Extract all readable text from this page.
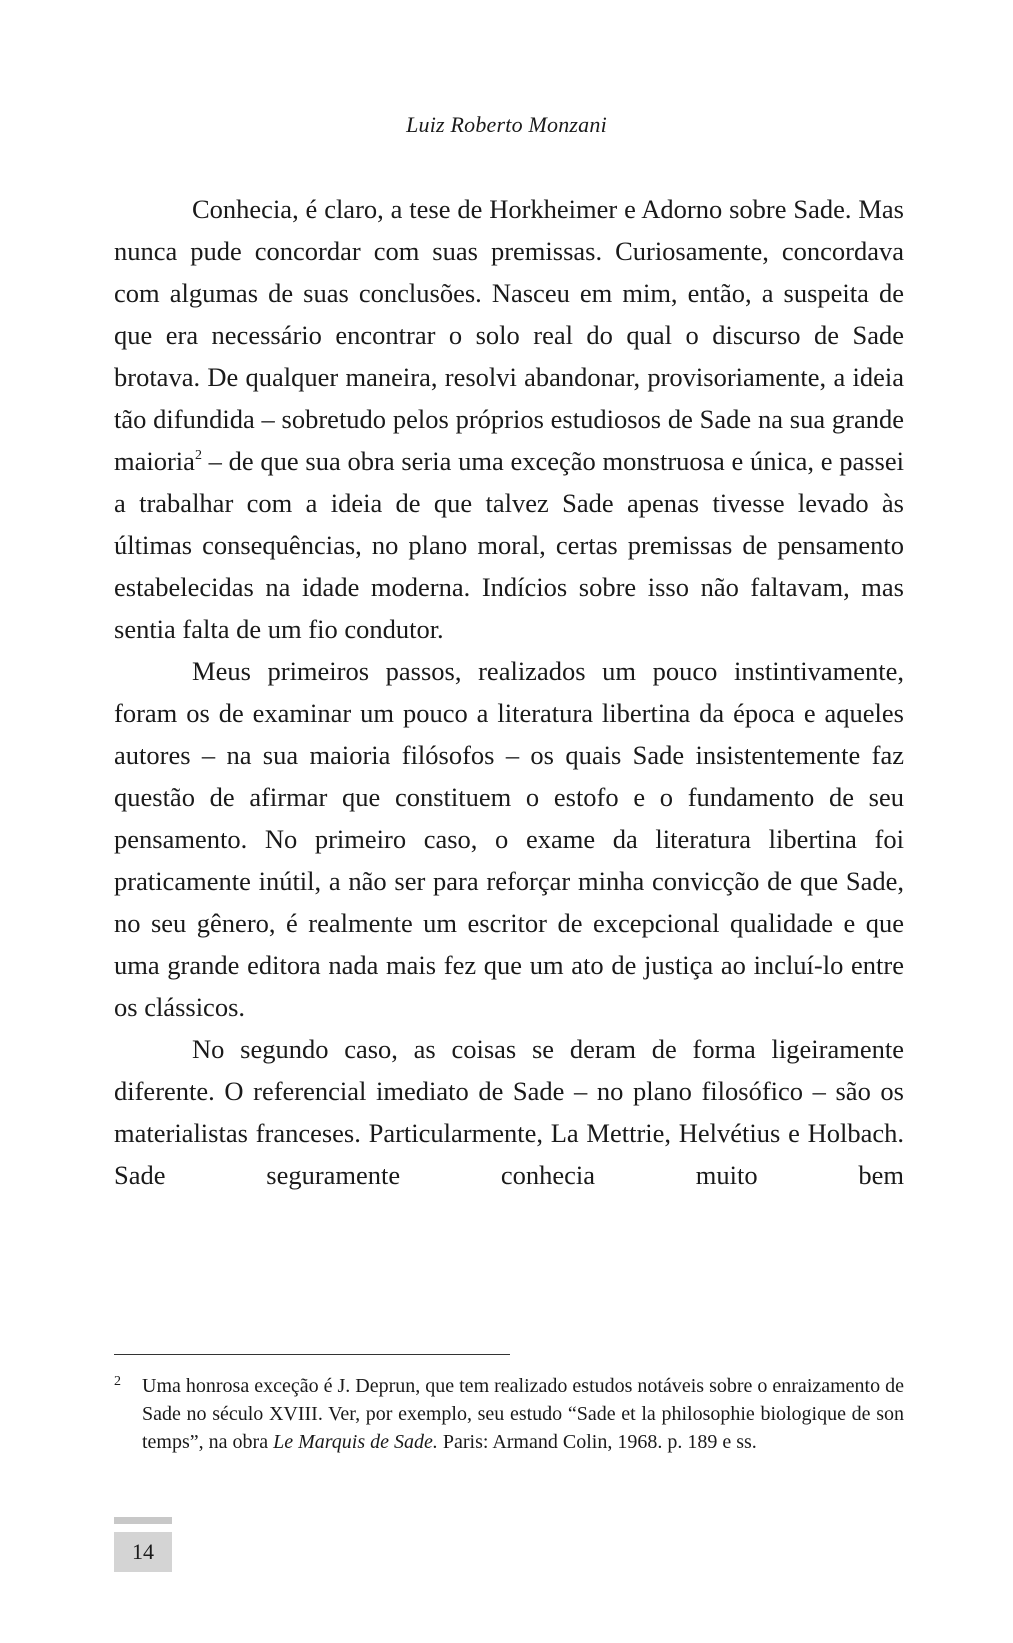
Luiz Roberto Monzani

Conhecia, é claro, a tese de Horkheimer e Adorno sobre Sade. Mas nunca pude concordar com suas premissas. Curiosamente, concordava com algumas de suas conclusões. Nasceu em mim, então, a suspeita de que era necessário encontrar o solo real do qual o discurso de Sade brotava. De qualquer maneira, resolvi abandonar, provisoriamente, a ideia tão difundida – sobretudo pelos próprios estudiosos de Sade na sua grande maioria$^2$ – de que sua obra seria uma exceção monstruosa e única, e passei a trabalhar com a ideia de que talvez Sade apenas tivesse levado às últimas consequências, no plano moral, certas premissas de pensamento estabelecidas na idade moderna. Indícios sobre isso não faltavam, mas sentia falta de um fio condutor.

Meus primeiros passos, realizados um pouco instintivamente, foram os de examinar um pouco a literatura libertina da época e aqueles autores – na sua maioria filósofos – os quais Sade insistentemente faz questão de afirmar que constituem o estofo e o fundamento de seu pensamento. No primeiro caso, o exame da literatura libertina foi praticamente inútil, a não ser para reforçar minha convicção de que Sade, no seu gênero, é realmente um escritor de excepcional qualidade e que uma grande editora nada mais fez que um ato de justiça ao incluí-lo entre os clássicos.

No segundo caso, as coisas se deram de forma ligeiramente diferente. O referencial imediato de Sade – no plano filosófico – são os materialistas franceses. Particularmente, La Mettrie, Helvétius e Holbach. Sade seguramente conhecia muito bem

2	Uma honrosa exceção é J. Deprun, que tem realizado estudos notáveis sobre o enraizamento de Sade no século XVIII. Ver, por exemplo, seu estudo “Sade et la philosophie biologique de son temps”, na obra Le Marquis de Sade. Paris: Armand Colin, 1968. p. 189 e ss.
14
